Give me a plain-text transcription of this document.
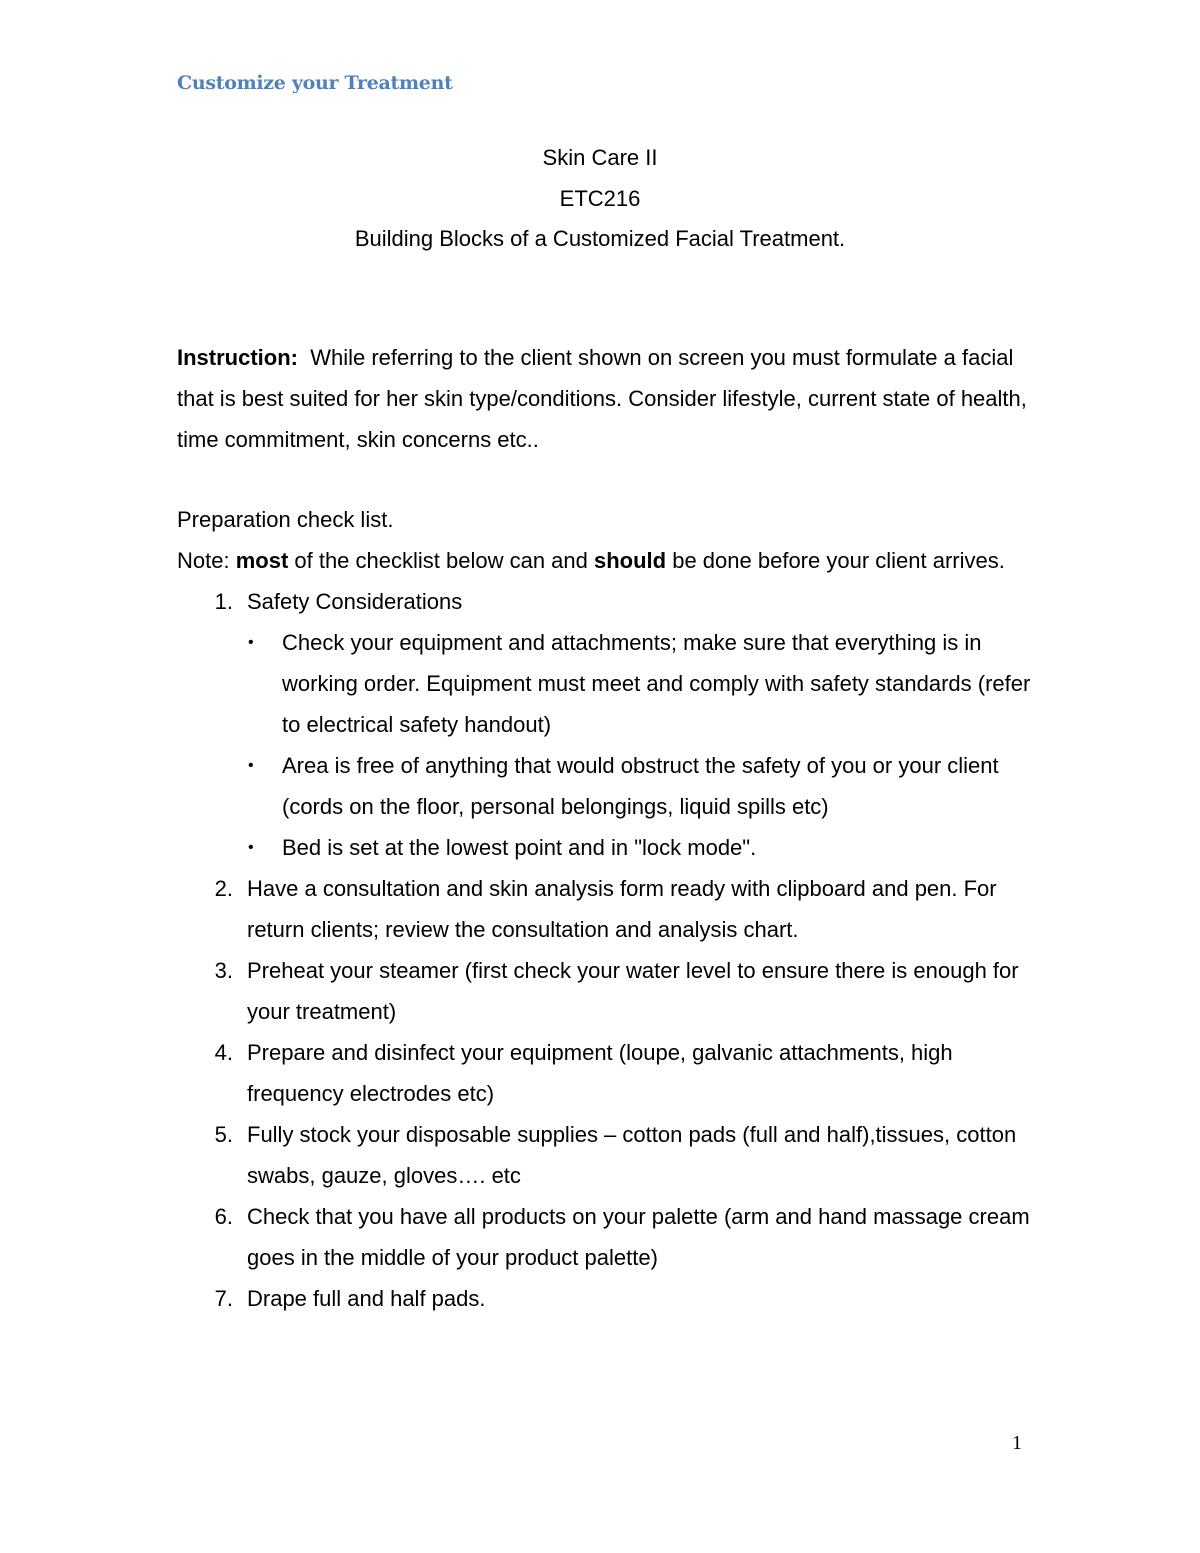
Customize your Treatment
Skin Care II
ETC216
Building Blocks of a Customized Facial Treatment.
Instruction: While referring to the client shown on screen you must formulate a facial that is best suited for her skin type/conditions. Consider lifestyle, current state of health, time commitment, skin concerns etc..
Preparation check list.
Note: most of the checklist below can and should be done before your client arrives.
1. Safety Considerations
• Check your equipment and attachments; make sure that everything is in working order. Equipment must meet and comply with safety standards (refer to electrical safety handout)
• Area is free of anything that would obstruct the safety of you or your client (cords on the floor, personal belongings, liquid spills etc)
• Bed is set at the lowest point and in "lock mode".
2. Have a consultation and skin analysis form ready with clipboard and pen. For return clients; review the consultation and analysis chart.
3. Preheat your steamer (first check your water level to ensure there is enough for your treatment)
4. Prepare and disinfect your equipment (loupe, galvanic attachments, high frequency electrodes etc)
5. Fully stock your disposable supplies – cotton pads (full and half),tissues, cotton swabs, gauze, gloves…. etc
6. Check that you have all products on your palette (arm and hand massage cream goes in the middle of your product palette)
7. Drape full and half pads.
1
